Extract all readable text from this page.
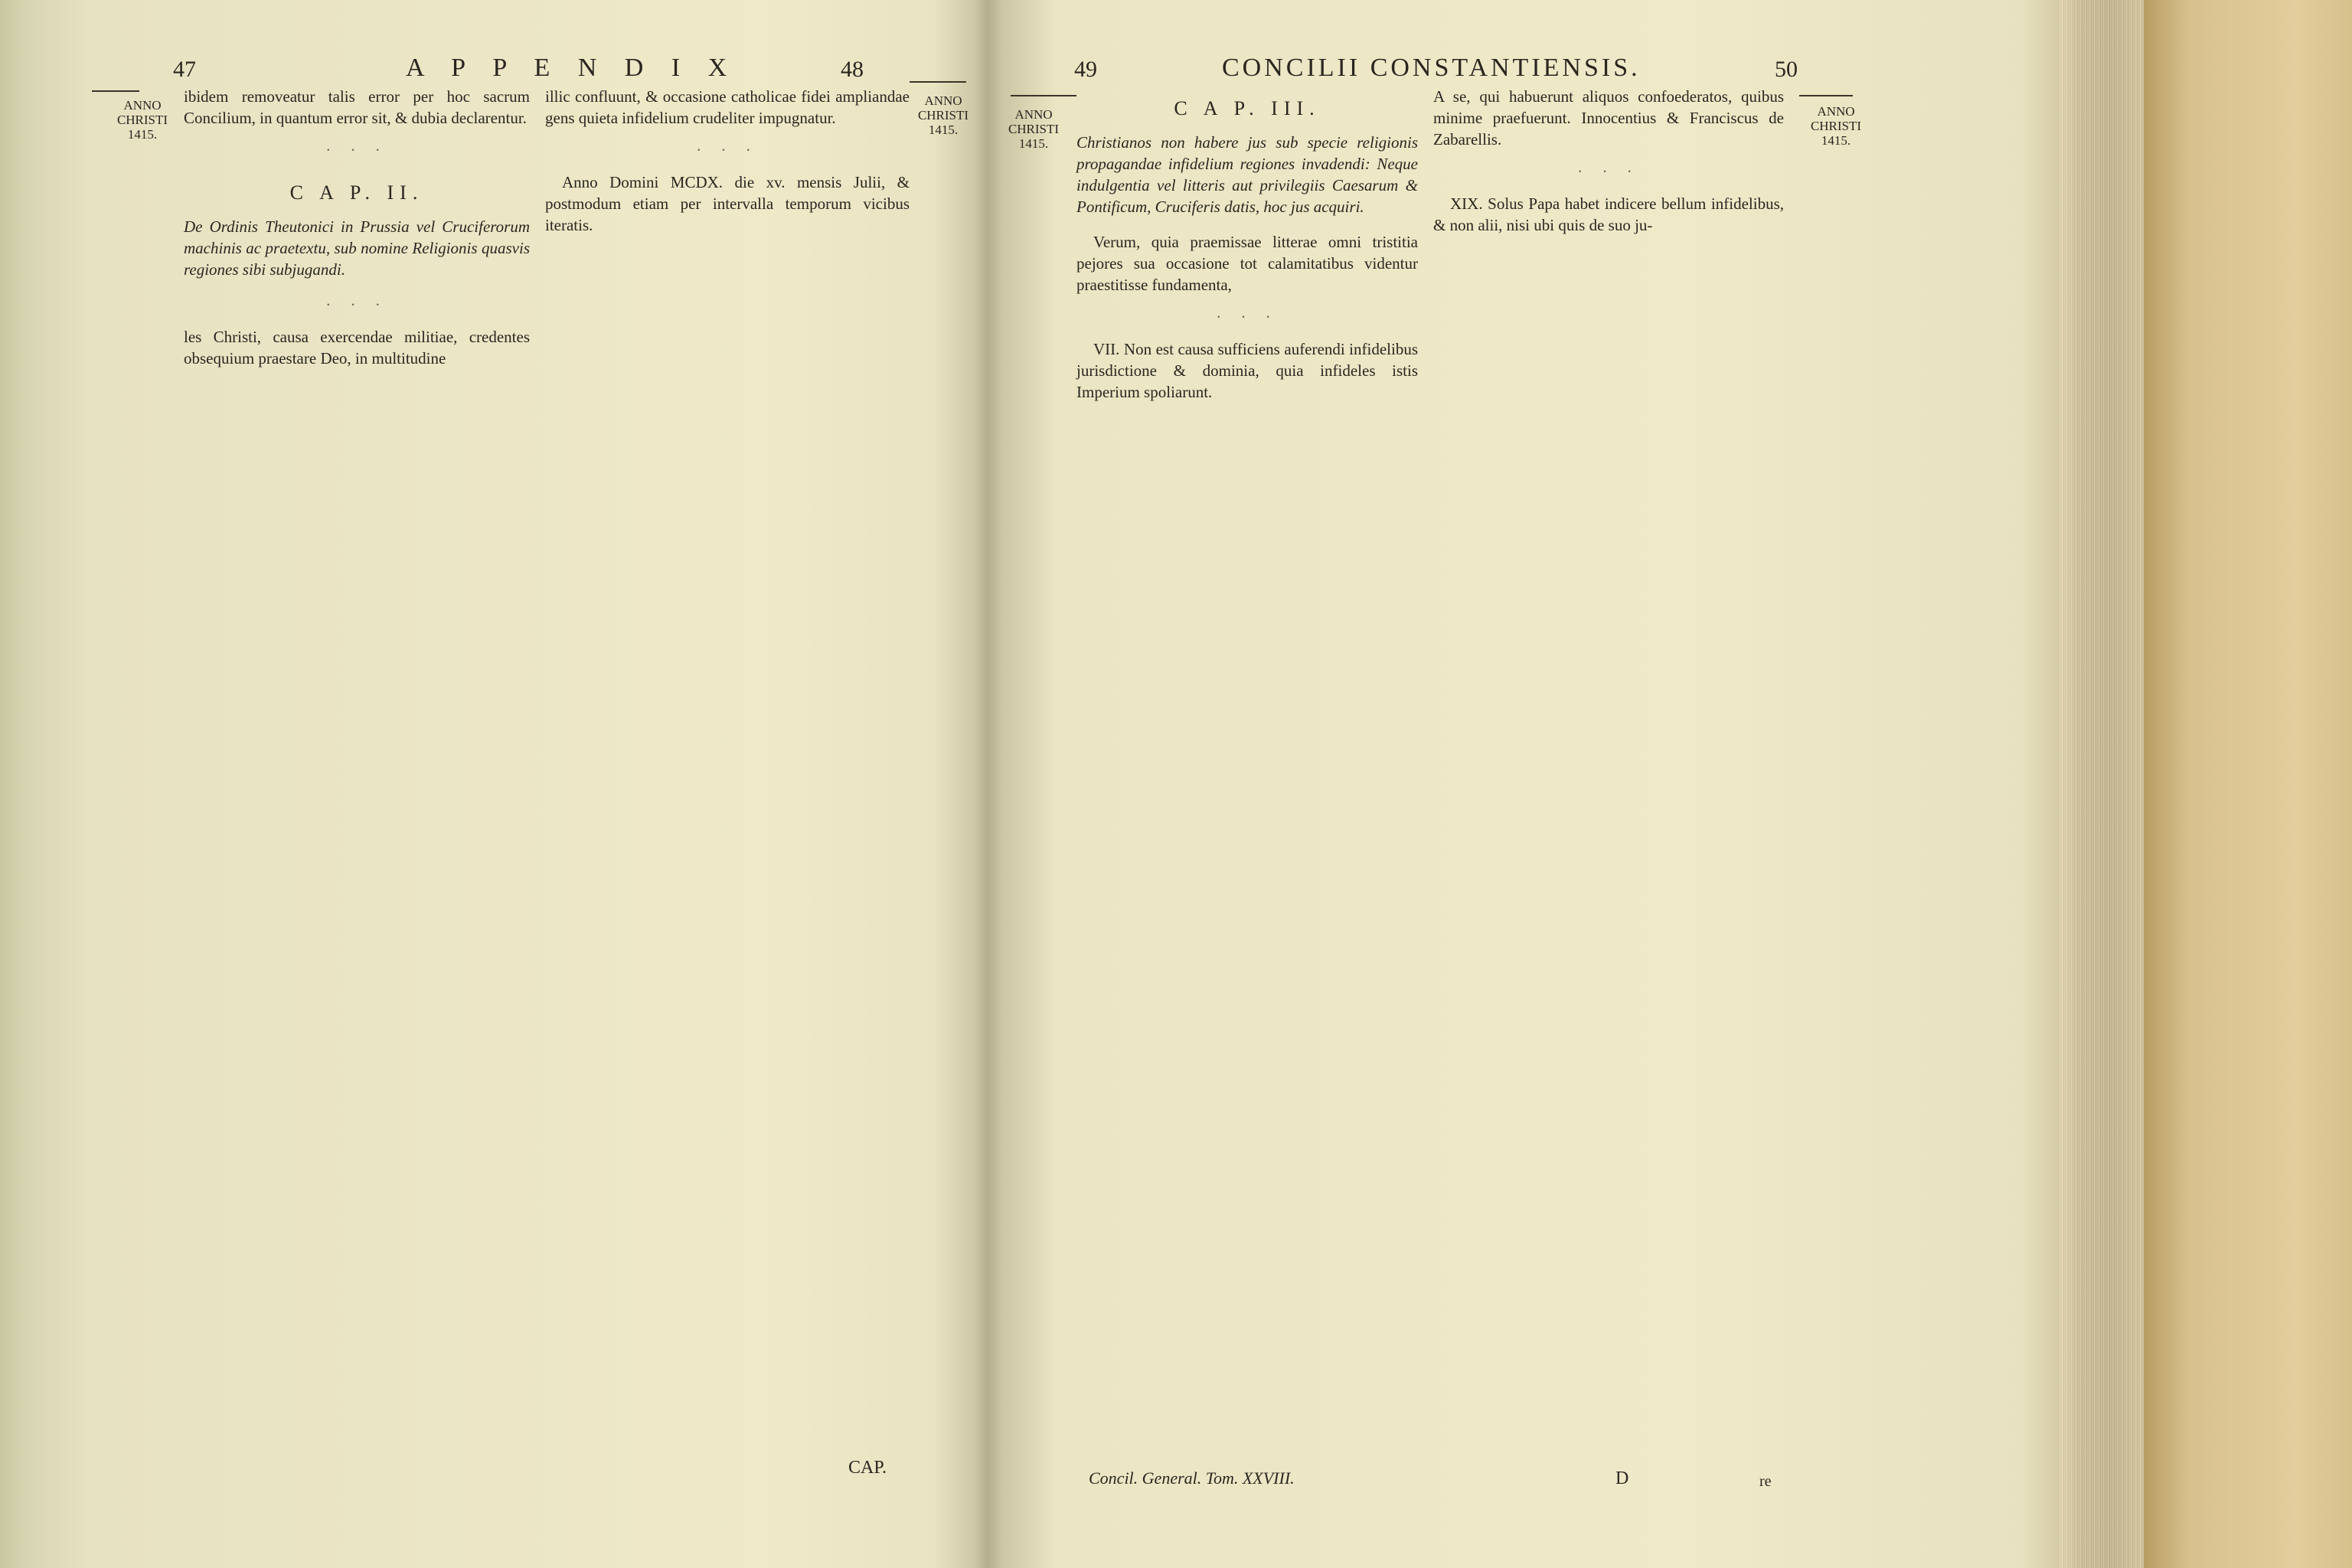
47	A P P E N D I X	48
ANNO CHRISTI 1415.
ANNO CHRISTI 1415.

ibidem removeatur talis error per hoc sacrum Concilium, in quantum error sit, & dubia declarentur.

· · ·

C A P. II.

De Ordinis Theutonici in Prussia vel Cruciferorum machinis ac praetextu, sub nomine Religionis quasvis regiones sibi subjugandi.

· · ·

les Christi, causa exercendae militiae, credentes obsequium praestare Deo, in multitudine

illic confluunt, & occasione catholicae fidei ampliandae gens quieta infidelium crudeliter impugnatur.

· · ·

Anno Domini MCDX. die xv. mensis Julii, & postmodum etiam per intervalla temporum vicibus iteratis.

CAP.
49	CONCILII CONSTANTIENSIS.	50
ANNO CHRISTI 1415.
ANNO CHRISTI 1415.

C A P. III.

Christianos non habere jus sub specie religionis propagandae infidelium regiones invadendi: Neque indulgentia vel litteris aut privilegiis Caesarum & Pontificum, Cruciferis datis, hoc jus acquiri.

Verum, quia praemissae litterae omni tristitia pejores sua occasione tot calamitatibus videntur praestitisse fundamenta,

· · ·

VII. Non est causa sufficiens auferendi infidelibus jurisdictione & dominia, quia infideles istis Imperium spoliarunt.

A se, qui habuerunt aliquos confoederatos, quibus minime praefuerunt. Innocentius & Franciscus de Zabarellis.

· · ·

XIX. Solus Papa habet indicere bellum infidelibus, & non alii, nisi ubi quis de suo ju-

Concil. General. Tom. XXVIII.	D	re
